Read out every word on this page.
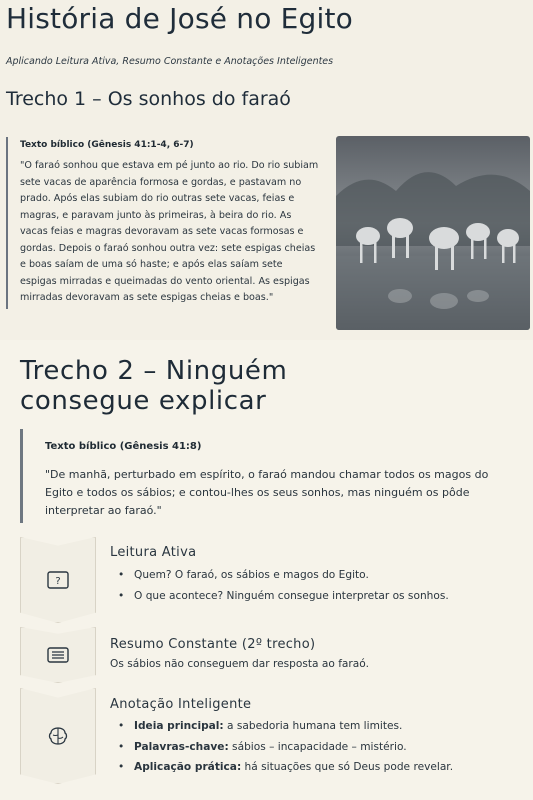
História de José no Egito
Aplicando Leitura Ativa, Resumo Constante e Anotações Inteligentes
Trecho 1 – Os sonhos do faraó
Texto bíblico (Gênesis 41:1-4, 6-7)
"O faraó sonhou que estava em pé junto ao rio. Do rio subiam sete vacas de aparência formosa e gordas, e pastavam no prado. Após elas subiam do rio outras sete vacas, feias e magras, e paravam junto às primeiras, à beira do rio. As vacas feias e magras devoravam as sete vacas formosas e gordas. Depois o faraó sonhou outra vez: sete espigas cheias e boas saíam de uma só haste; e após elas saíam sete espigas mirradas e queimadas do vento oriental. As espigas mirradas devoravam as sete espigas cheias e boas."
Trecho 2 – Ninguém
consegue explicar
Texto bíblico (Gênesis 41:8)
"De manhã, perturbado em espírito, o faraó mandou chamar todos os magos do Egito e todos os sábios; e contou-lhes os seus sonhos, mas ninguém os pôde interpretar ao faraó."
?
Leitura Ativa
• Quem? O faraó, os sábios e magos do Egito.
• O que acontece? Ninguém consegue interpretar os sonhos.
Resumo Constante (2º trecho)
Os sábios não conseguem dar resposta ao faraó.
Anotação Inteligente
• Ideia principal: a sabedoria humana tem limites.
• Palavras-chave: sábios – incapacidade – mistério.
• Aplicação prática: há situações que só Deus pode revelar.
